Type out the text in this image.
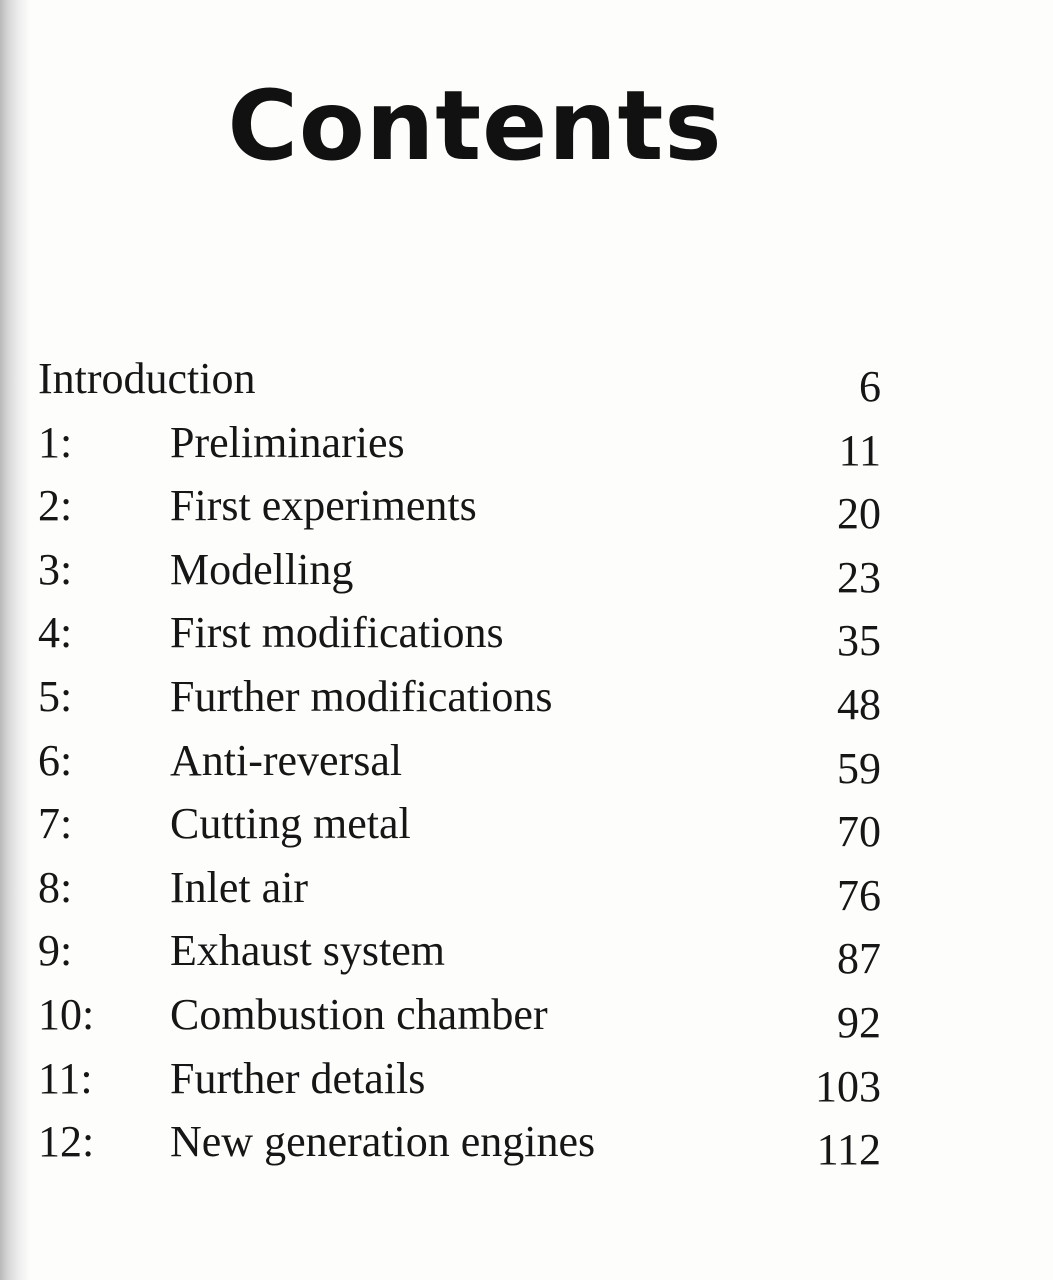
Contents
Introduction	6
1: Preliminaries	11
2: First experiments	20
3: Modelling	23
4: First modifications	35
5: Further modifications	48
6: Anti-reversal	59
7: Cutting metal	70
8: Inlet air	76
9: Exhaust system	87
10: Combustion chamber	92
11: Further details	103
12: New generation engines	112
